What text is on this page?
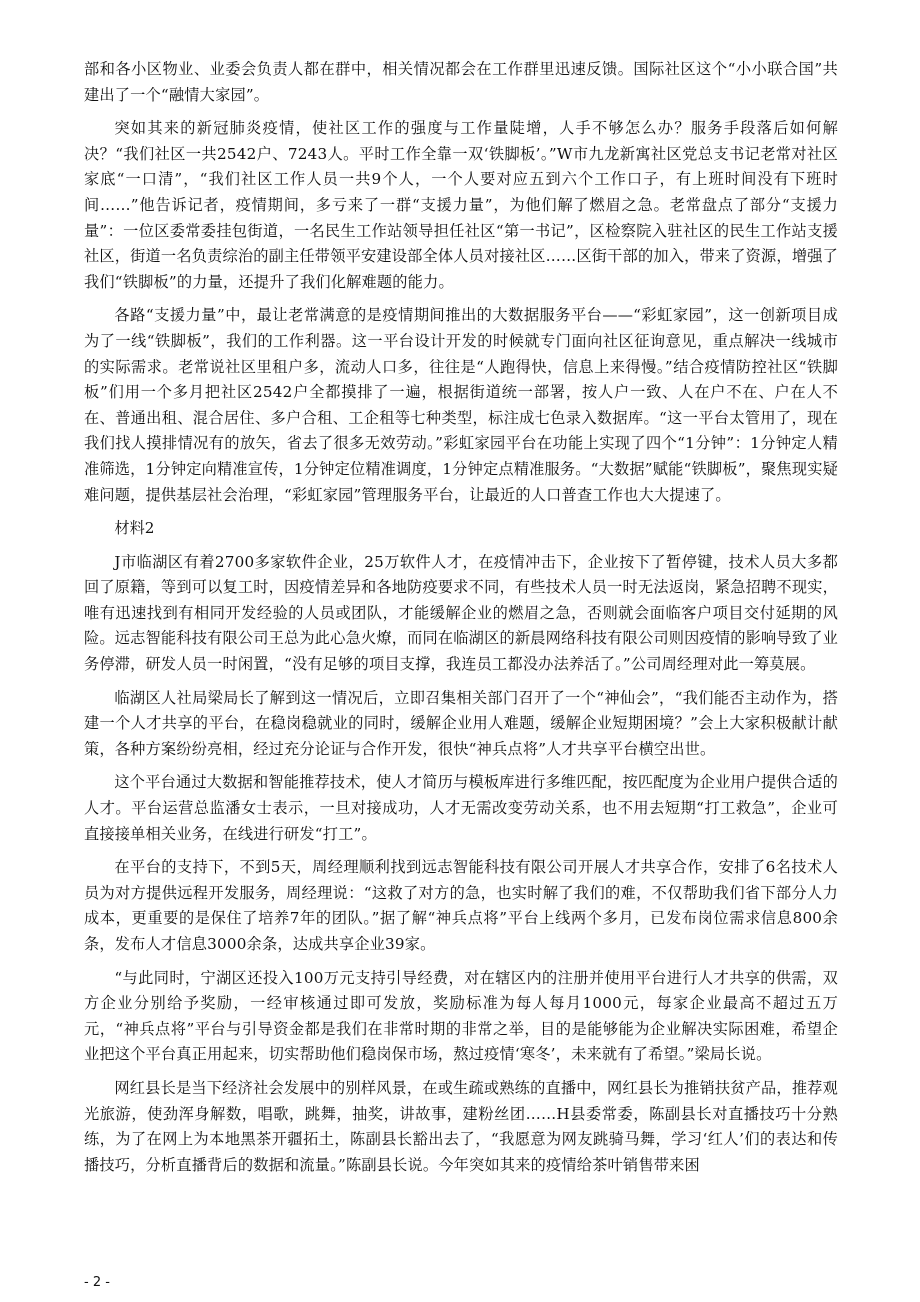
部和各小区物业、业委会负责人都在群中，相关情况都会在工作群里迅速反馈。国际社区这个“小小联合国”共建出了一个“融情大家园”。

突如其来的新冠肺炎疫情，使社区工作的强度与工作量陡增，人手不够怎么办？服务手段落后如何解决？“我们社区一共2542户、7243人。平时工作全靠一双‘铁脚板’。”W市九龙新寓社区党总支书记老常对社区家底“一口清”，“我们社区工作人员一共9个人，一个人要对应五到六个工作口子，有上班时间没有下班时间……”他告诉记者，疫情期间，多亏来了一群“支援力量”，为他们解了燃眉之急。老常盘点了部分“支援力量”：一位区委常委挂包街道，一名民生工作站领导担任社区“第一书记”，区检察院入驻社区的民生工作站支援社区，街道一名负责综治的副主任带领平安建设部全体人员对接社区……区街干部的加入，带来了资源，增强了我们“铁脚板”的力量，还提升了我们化解难题的能力。

各路“支援力量”中，最让老常满意的是疫情期间推出的大数据服务平台——“彩虹家园”，这一创新项目成为了一线“铁脚板”，我们的工作利器。这一平台设计开发的时候就专门面向社区征询意见，重点解决一线城市的实际需求。老常说社区里租户多，流动人口多，往往是“人跑得快，信息上来得慢。”结合疫情防控社区“铁脚板”们用一个多月把社区2542户全都摸排了一遍，根据街道统一部署，按人户一致、人在户不在、户在人不在、普通出租、混合居住、多户合租、工企租等七种类型，标注成七色录入数据库。“这一平台太管用了，现在我们找人摸排情况有的放矢，省去了很多无效劳动。”彩虹家园平台在功能上实现了四个“1分钟”：1分钟定人精准筛选，1分钟定向精准宣传，1分钟定位精准调度，1分钟定点精准服务。“大数据”赋能“铁脚板”，聚焦现实疑难问题，提供基层社会治理，“彩虹家园”管理服务平台，让最近的人口普查工作也大大提速了。

材料2

J市临湖区有着2700多家软件企业，25万软件人才，在疫情冲击下，企业按下了暂停键，技术人员大多都回了原籍，等到可以复工时，因疫情差异和各地防疫要求不同，有些技术人员一时无法返岗，紧急招聘不现实，唯有迅速找到有相同开发经验的人员或团队，才能缓解企业的燃眉之急，否则就会面临客户项目交付延期的风险。远志智能科技有限公司王总为此心急火燎，而同在临湖区的新晨网络科技有限公司则因疫情的影响导致了业务停滞，研发人员一时闲置，“没有足够的项目支撑，我连员工都没办法养活了。”公司周经理对此一筹莫展。

临湖区人社局梁局长了解到这一情况后，立即召集相关部门召开了一个“神仙会”，“我们能否主动作为，搭建一个人才共享的平台，在稳岗稳就业的同时，缓解企业用人难题，缓解企业短期困境？”会上大家积极献计献策，各种方案纷纷亮相，经过充分论证与合作开发，很快“神兵点将”人才共享平台横空出世。

这个平台通过大数据和智能推荐技术，使人才简历与模板库进行多维匹配，按匹配度为企业用户提供合适的人才。平台运营总监潘女士表示，一旦对接成功，人才无需改变劳动关系，也不用去短期“打工救急”，企业可直接接单相关业务，在线进行研发“打工”。

在平台的支持下，不到5天，周经理顺利找到远志智能科技有限公司开展人才共享合作，安排了6名技术人员为对方提供远程开发服务，周经理说：“这救了对方的急，也实时解了我们的难，不仅帮助我们省下部分人力成本，更重要的是保住了培养7年的团队。”据了解“神兵点将”平台上线两个多月，已发布岗位需求信息800余条，发布人才信息3000余条，达成共享企业39家。

“与此同时，宁湖区还投入100万元支持引导经费，对在辖区内的注册并使用平台进行人才共享的供需，双方企业分别给予奖励，一经审核通过即可发放，奖励标准为每人每月1000元，每家企业最高不超过五万元，“神兵点将”平台与引导资金都是我们在非常时期的非常之举，目的是能够能为企业解决实际困难，希望企业把这个平台真正用起来，切实帮助他们稳岗保市场，熬过疫情‘寒冬’，未来就有了希望。”梁局长说。

网红县长是当下经济社会发展中的别样风景，在或生疏或熟练的直播中，网红县长为推销扶贫产品，推荐观光旅游，使劲浑身解数，唱歌，跳舞，抽奖，讲故事，建粉丝团……H县委常委，陈副县长对直播技巧十分熟练，为了在网上为本地黑茶开疆拓土，陈副县长豁出去了，“我愿意为网友跳骑马舞，学习‘红人’们的表达和传播技巧，分析直播背后的数据和流量。”陈副县长说。今年突如其来的疫情给茶叶销售带来困

- 2 -
